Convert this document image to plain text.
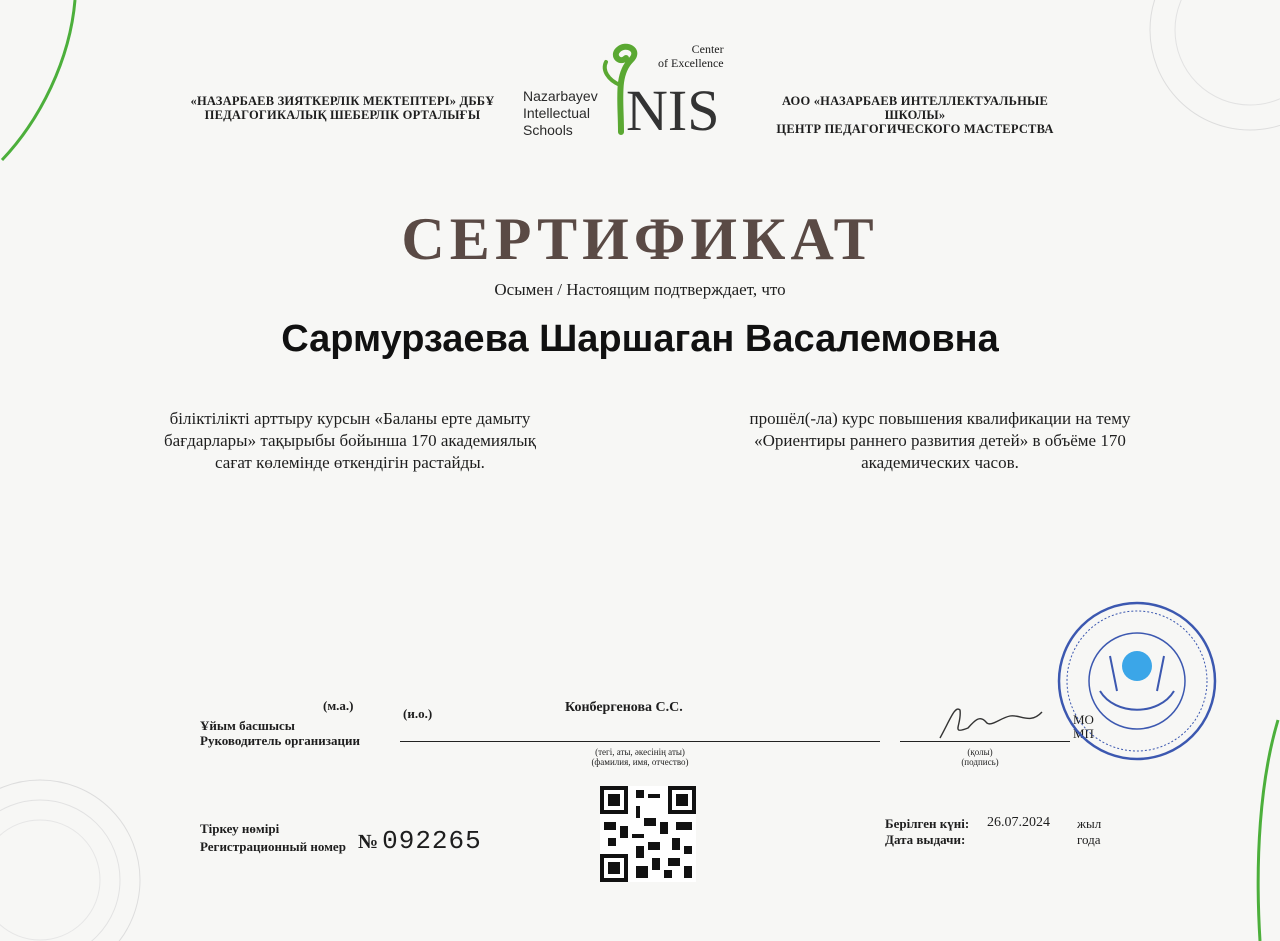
«НАЗАРБАЕВ ЗИЯТКЕРЛІК МЕКТЕПТЕРІ» ДББҰ
ПЕДАГОГИКАЛЫҚ ШЕБЕРЛІК ОРТАЛЫҒЫ
АОО «НАЗАРБАЕВ ИНТЕЛЛЕКТУАЛЬНЫЕ ШКОЛЫ»
ЦЕНТР ПЕДАГОГИЧЕСКОГО МАСТЕРСТВА
Nazarbayev
Intellectual
Schools
Center
of Excellence
NIS
СЕРТИФИКАТ
Осымен / Настоящим подтверждает, что
Сармурзаева Шаршаган Васалемовна
біліктілікті арттыру курсын «Баланы ерте дамыту бағдарлары» тақырыбы бойынша 170 академиялық сағат көлемінде өткендігін растайды.
прошёл(-ла) курс повышения квалификации на тему «Ориентиры раннего развития детей» в объёме 170 академических часов.
(м.а.)
(и.о.)
Ұйым басшысы
Руководитель организации
Конбергенова С.С.
(тегі, аты, әкесінің аты)
(фамилия, имя, отчество)
(қолы)
(подпись)
МО
МП
Тіркеу нөмірі
Регистрационный номер № 092265
Берілген күні:
Дата выдачи:
26.07.2024 жыл
года
